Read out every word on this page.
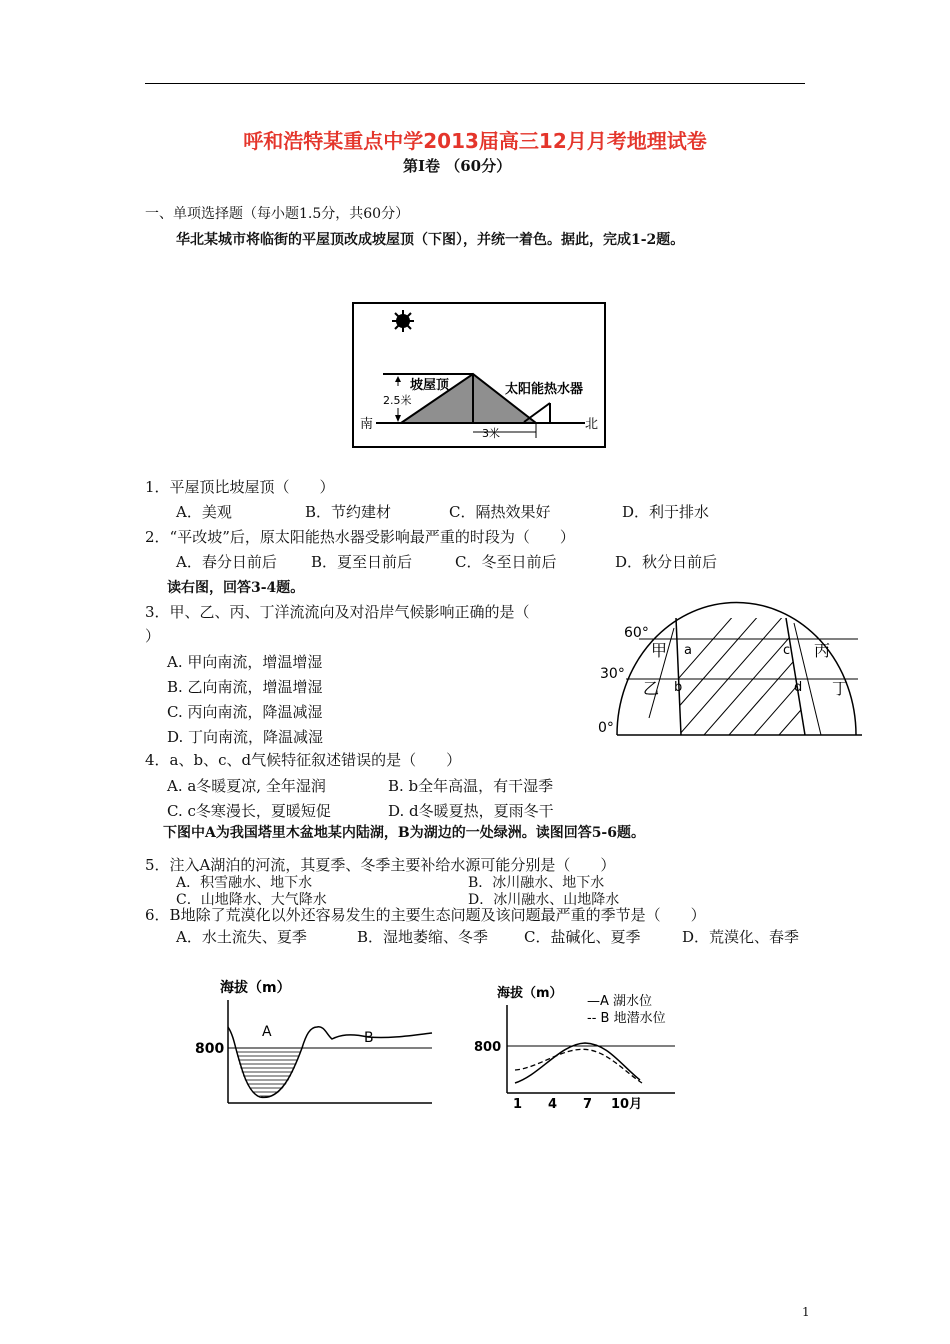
呼和浩特某重点中学2013届高三12月月考地理试卷
第Ⅰ卷 （60分）
一、单项选择题（每小题1.5分，共60分）
华北某城市将临街的平屋顶改成坡屋顶（下图），并统一着色。据此，完成1-2题。
坡屋顶
2.5米
太阳能热水器
3米
南	北
1．平屋顶比坡屋顶（　　）
A．美观	B．节约建材	C．隔热效果好	D．利于排水
2．“平改坡”后，原太阳能热水器受影响最严重的时段为（　　）
A．春分日前后 B．夏至日前后	C．冬至日前后	D．秋分日前后
读右图，回答3-4题。
3．甲、乙、丙、丁洋流流向及对沿岸气候影响正确的是（
）
A. 甲向南流，增温增湿
B. 乙向南流，增温增湿
C. 丙向南流，降温减湿
D. 丁向南流，降温减湿
60°
30°
0°
甲
乙
丙
丁
a
b
c
d
4．a、b、c、d气候特征叙述错误的是（　　）
A. a冬暖夏凉, 全年湿润	B. b全年高温，有干湿季
C. c冬寒漫长，夏暖短促	D. d冬暖夏热，夏雨冬干
下图中A为我国塔里木盆地某内陆湖，B为湖边的一处绿洲。读图回答5-6题。
5．注入A湖泊的河流，其夏季、冬季主要补给水源可能分别是（　　）
A．积雪融水、地下水	B．冰川融水、地下水
C．山地降水、大气降水	D．冰川融水、山地降水
6．B地除了荒漠化以外还容易发生的主要生态问题及该问题最严重的季节是（　　）
A．水土流失、夏季	B．湿地萎缩、冬季 C．盐碱化、夏季	D．荒漠化、春季
海拔（m）
800
A	B
海拔（m）
—A 湖水位
-- B 地潜水位
800
1 4 7 10月
1
